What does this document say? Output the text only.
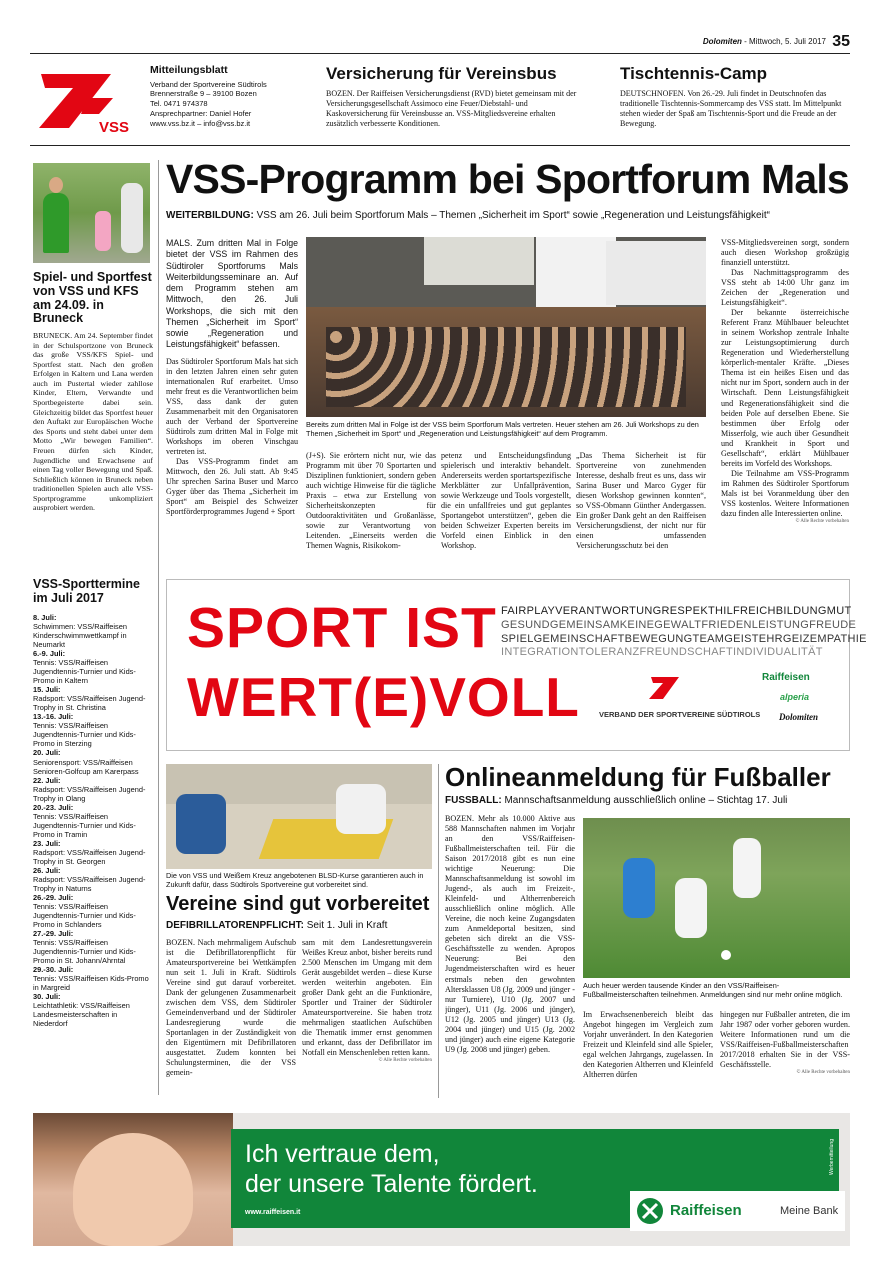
Dolomiten - Mittwoch, 5. Juli 2017 35
VSS
Mitteilungsblatt
Verband der Sportvereine Südtirols
Brennerstraße 9 – 39100 Bozen
Tel. 0471 974378
Ansprechpartner: Daniel Hofer
www.vss.bz.it – info@vss.bz.it
Versicherung für Vereinsbus

BOZEN. Der Raiffeisen Versicherungsdienst (RVD) bietet gemeinsam mit der Versicherungsgesellschaft Assimoco eine Feuer/Diebstahl- und Kaskoversicherung für Vereinsbusse an. VSS-Mitgliedsvereine erhalten zusätzlich verbesserte Konditionen.

Tischtennis-Camp

DEUTSCHNOFEN. Von 26.-29. Juli findet in Deutschnofen das traditionelle Tischtennis-Sommercamp des VSS statt. Im Mittelpunkt stehen wieder der Spaß am Tischtennis-Sport und die Freude an der Bewegung.

Spiel- und Sportfest von VSS und KFS am 24.09. in Bruneck
BRUNECK. Am 24. September findet in der Schulsportzone von Bruneck das große VSS/KFS Spiel- und Sportfest statt. Nach den großen Erfolgen in Kaltern und Lana werden auch im Pustertal wieder zahllose Kinder, Eltern, Verwandte und Sportbegeisterte dabei sein. Gleichzeitig bildet das Sportfest heuer den Auftakt zur Europäischen Woche des Sports und steht dabei unter dem Motto „Wir bewegen Familien“. Freuen dürfen sich Kinder, Jugendliche und Erwachsene auf einen Tag voller Bewegung und Spaß. Schließlich können in Bruneck neben traditionellen Spielen auch alle VSS-Sportprogramme unkompliziert ausprobiert werden.
VSS-Sporttermine im Juli 2017
8. Juli:
Schwimmen: VSS/Raiffeisen Kinderschwimmwettkampf in Neumarkt
6.-9. Juli:
Tennis: VSS/Raiffeisen Jugendtennis-Turnier und Kids-Promo in Kaltern
15. Juli:
Radsport: VSS/Raiffeisen Jugend-Trophy in St. Christina
13.-16. Juli:
Tennis: VSS/Raiffeisen Jugendtennis-Turnier und Kids-Promo in Sterzing
20. Juli:
Seniorensport: VSS/Raiffeisen Senioren-Golfcup am Karerpass
22. Juli:
Radsport: VSS/Raiffeisen Jugend-Trophy in Olang
20.-23. Juli:
Tennis: VSS/Raiffeisen Jugendtennis-Turnier und Kids-Promo in Tramin
23. Juli:
Radsport: VSS/Raiffeisen Jugend-Trophy in St. Georgen
26. Juli:
Radsport: VSS/Raiffeisen Jugend-Trophy in Naturns
26.-29. Juli:
Tennis: VSS/Raiffeisen Jugendtennis-Turnier und Kids-Promo in Schlanders
27.-29. Juli:
Tennis: VSS/Raiffeisen Jugendtennis-Turnier und Kids-Promo in St. Johann/Ahrntal
29.-30. Juli:
Tennis: VSS/Raiffeisen Kids-Promo in Margreid
30. Juli:
Leichtathletik: VSS/Raiffeisen Landesmeisterschaften in Niederdorf
VSS-Programm bei Sportforum Mals
WEITERBILDUNG: VSS am 26. Juli beim Sportforum Mals – Themen „Sicherheit im Sport“ sowie „Regeneration und Leistungsfähigkeit“

MALS. Zum dritten Mal in Folge bietet der VSS im Rahmen des Südtiroler Sportforums Mals Weiterbildungsseminare an. Auf dem Programm stehen am Mittwoch, den 26. Juli Workshops, die sich mit den Themen „Sicherheit im Sport“ sowie „Regeneration und Leistungsfähigkeit“ befassen.

Das Südtiroler Sportforum Mals hat sich in den letzten Jahren einen sehr guten internationalen Ruf erarbeitet. Umso mehr freut es die Verantwortlichen beim VSS, dass dank der guten Zusammenarbeit mit den Organisatoren auch der Verband der Sportvereine Südtirols zum dritten Mal in Folge mit Workshops im oberen Vinschgau vertreten ist.

Das VSS-Programm findet am Mittwoch, den 26. Juli statt. Ab 9:45 Uhr sprechen Sarina Buser und Marco Gyger über das Thema „Sicherheit im Sport“ am Beispiel des Schweizer Sportförderprogrammes Jugend + Sport

Bereits zum dritten Mal in Folge ist der VSS beim Sportforum Mals vertreten. Heuer stehen am 26. Juli Workshops zu den Themen „Sicherheit im Sport“ und „Regeneration und Leistungsfähigkeit“ auf dem Programm.

(J+S). Sie erörtern nicht nur, wie das Programm mit über 70 Sportarten und Disziplinen funktioniert, sondern geben auch wichtige Hinweise für die tägliche Praxis – etwa zur Erstellung von Sicherheitskonzepten für Outdooraktivitäten und Großanlässe, sowie zur Verantwortung von Leitenden. „Einerseits werden die Themen Wagnis, Risikokom-

petenz und Entscheidungsfindung spielerisch und interaktiv behandelt. Andererseits werden sportartspezifische Merkblätter zur Unfallprävention, sowie Werkzeuge und Tools vorgestellt, die ein unfallfreies und gut geplantes Sportangebot unterstützen“, geben die beiden Schweizer Experten bereits im Vorfeld einen Einblick in den Workshop.

„Das Thema Sicherheit ist für Sportvereine von zunehmenden Interesse, deshalb freut es uns, dass wir Sarina Buser und Marco Gyger für diesen Workshop gewinnen konnten“, so VSS-Obmann Günther Andergassen. Ein großer Dank geht an den Raiffeisen Versicherungsdienst, der nicht nur für einen umfassenden Versicherungsschutz bei den

VSS-Mitgliedsvereinen sorgt, sondern auch diesen Workshop großzügig finanziell unterstützt.

Das Nachmittagsprogramm des VSS steht ab 14:00 Uhr ganz im Zeichen der „Regeneration und Leistungsfähigkeit“.

Der bekannte österreichische Referent Franz Mühlbauer beleuchtet in seinem Workshop zentrale Inhalte zur Leistungsoptimierung durch Regeneration und Wiederherstellung körperlich-mentaler Kräfte. „Dieses Thema ist ein heißes Eisen und das nicht nur im Sport, sondern auch in der Wirtschaft. Denn Leistungsfähigkeit und Regenerationsfähigkeit sind die beiden Pole auf derselben Ebene. Sie bestimmen über Erfolg oder Misserfolg, wie auch über Gesundheit und Krankheit in Sport und Gesellschaft“, erklärt Mühlbauer bereits im Vorfeld des Workshops.

Die Teilnahme am VSS-Programm im Rahmen des Südtiroler Sportforum Mals ist bei Voranmeldung über den VSS kostenlos. Weitere Informationen dazu finden alle Interessierten online.

© Alle Rechte vorbehalten
SPORT IST
WERT(E)VOLL
FAIRPLAYVERANTWORTUNGRESPEKTHILFREICHBILDUNGMUT
GESUNDGEMEINSAMKEINEGEWALTFRIEDENLEISTUNGFREUDE
SPIELGEMEINSCHAFTBEWEGUNGTEAMGEISTEHRGEIZEMPATHIE
INTEGRATIONTOLERANZFREUNDSCHAFTINDIVIDUALITÄT
VERBAND DER SPORTVEREINE SÜDTIROLS
Raiffeisen
alperia
Dolomiten
Die von VSS und Weißem Kreuz angebotenen BLSD-Kurse garantieren auch in Zukunft dafür, dass Südtirols Sportvereine gut vorbereitet sind.
Vereine sind gut vorbereitet
DEFIBRILLATORENPFLICHT: Seit 1. Juli in Kraft

BOZEN. Nach mehrmaligem Aufschub ist die Defibrillatorenpflicht für Amateursportvereine bei Wettkämpfen nun seit 1. Juli in Kraft. Südtirols Vereine sind gut darauf vorbereitet. Dank der gelungenen Zusammenarbeit zwischen dem VSS, dem Südtiroler Gemeindenverband und der Südtiroler Landesregierung wurde die Sportanlagen in der Zuständigkeit von den Eigentümern mit Defibrillatoren ausgestattet. Zudem konnten bei Schulungsterminen, die der VSS gemein-

sam mit dem Landesrettungsverein Weißes Kreuz anbot, bisher bereits rund 2.500 Menschen im Umgang mit dem Gerät ausgebildet werden – diese Kurse werden weiterhin angeboten. Ein großer Dank geht an die Funktionäre, Sportler und Trainer der Südtiroler Amateursportvereine. Sie haben trotz mehrmaligen staatlichen Aufschüben die Thematik immer ernst genommen und erkannt, dass der Defibrillator im Notfall ein Menschenleben retten kann.

© Alle Rechte vorbehalten
Onlineanmeldung für Fußballer
FUSSBALL: Mannschaftsanmeldung ausschließlich online – Stichtag 17. Juli

BOZEN. Mehr als 10.000 Aktive aus 588 Mannschaften nahmen im Vorjahr an den VSS/Raiffeisen-Fußballmeisterschaften teil. Für die Saison 2017/2018 gibt es nun eine wichtige Neuerung: Die Mannschaftsanmeldung ist sowohl im Jugend-, als auch im Freizeit-, Kleinfeld- und Altherrenbereich ausschließlich online möglich. Alle Vereine, die noch keine Zugangsdaten zum Anmeldeportal besitzen, sind gebeten sich direkt an die VSS-Geschäftsstelle zu wenden. Apropos Neuerung: Bei den Jugendmeisterschaften wird es heuer erstmals neben den gewohnten Altersklassen U8 (Jg. 2009 und jünger - nur Turniere), U10 (Jg. 2007 und jünger), U11 (Jg. 2006 und jünger), U12 (Jg. 2005 und jünger) U13 (Jg. 2004 und jünger) und U15 (Jg. 2002 und jünger) auch eine eigene Kategorie U9 (Jg. 2008 und jünger) geben.

Auch heuer werden tausende Kinder an den VSS/Raiffeisen-Fußballmeisterschaften teilnehmen. Anmeldungen sind nur mehr online möglich.

Im Erwachsenenbereich bleibt das Angebot hingegen im Vergleich zum Vorjahr unverändert. In den Kategorien Freizeit und Kleinfeld sind alle Spieler, egal welchen Jahrgangs, zugelassen. In den Kategorien Altherren und Kleinfeld Altherren dürfen

hingegen nur Fußballer antreten, die im Jahr 1987 oder vorher geboren wurden. Weitere Informationen rund um die VSS/Raiffeisen-Fußballmeisterschaften 2017/2018 erhalten Sie in der VSS-Geschäftsstelle.

© Alle Rechte vorbehalten
Ich vertraue dem,
der unsere Talente fördert.
www.raiffeisen.it
Werbemitteilung
Raiffeisen	Meine Bank
